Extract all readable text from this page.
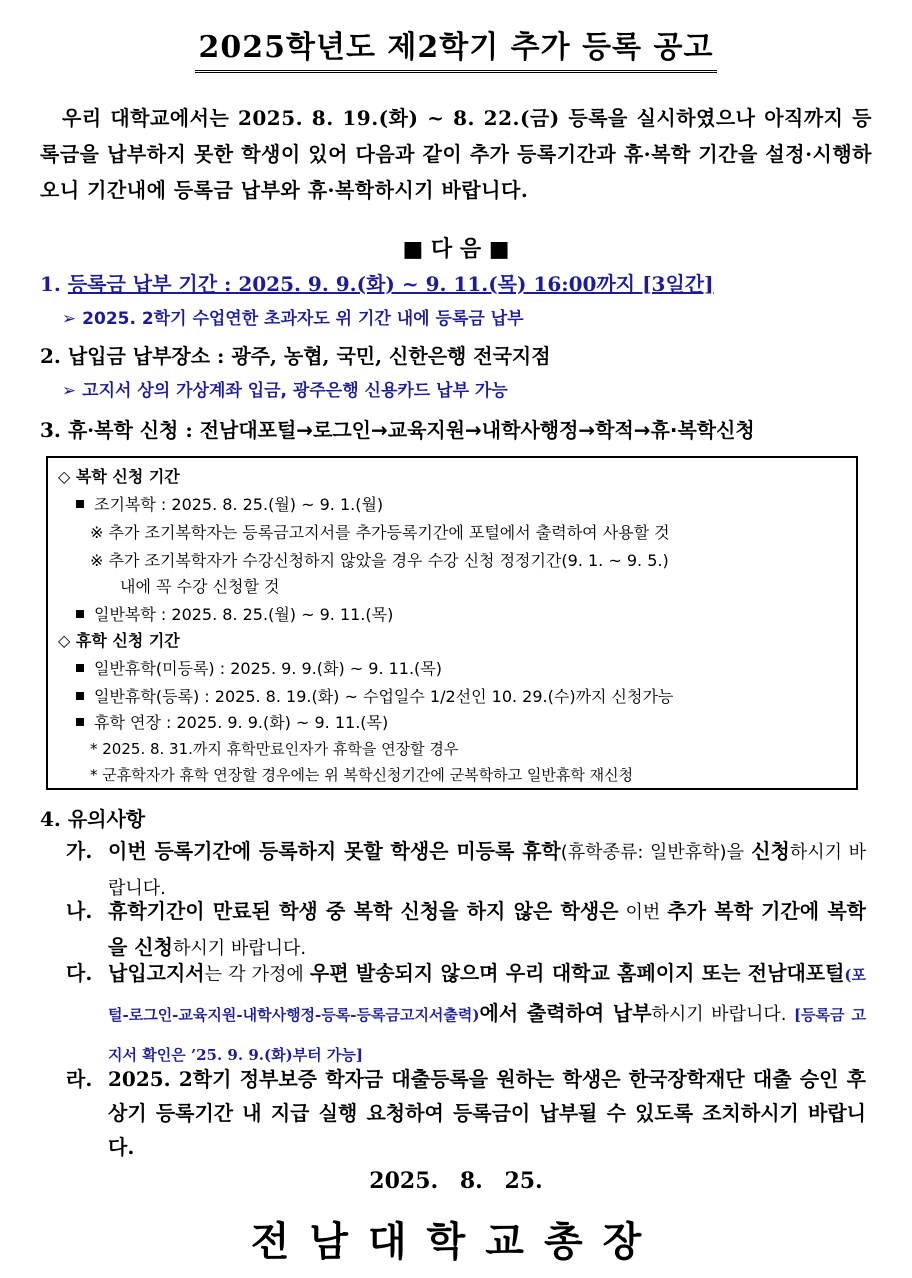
2025학년도 제2학기 추가 등록 공고
우리 대학교에서는 2025. 8. 19.(화) ~ 8. 22.(금) 등록을 실시하였으나 아직까지 등록금을 납부하지 못한 학생이 있어 다음과 같이 추가 등록기간과 휴·복학 기간을 설정·시행하오니 기간내에 등록금 납부와 휴·복학하시기 바랍니다.
■ 다 음 ■
1. 등록금 납부 기간 : 2025. 9. 9.(화) ~ 9. 11.(목) 16:00까지 [3일간]
➢ 2025. 2학기 수업연한 초과자도 위 기간 내에 등록금 납부
2. 납입금 납부장소 : 광주, 농협, 국민, 신한은행 전국지점
➢ 고지서 상의 가상계좌 입금, 광주은행 신용카드 납부 가능
3. 휴·복학 신청 : 전남대포털→로그인→교육지원→내학사행정→학적→휴·복학신청
◇ 복학 신청 기간
조기복학 : 2025. 8. 25.(월) ~ 9. 1.(월)
※ 추가 조기복학자는 등록금고지서를 추가등록기간에 포털에서 출력하여 사용할 것
※ 추가 조기복학자가 수강신청하지 않았을 경우 수강 신청 정정기간(9. 1. ~ 9. 5.)
내에 꼭 수강 신청할 것
일반복학 : 2025. 8. 25.(월) ~ 9. 11.(목)
◇ 휴학 신청 기간
일반휴학(미등록) : 2025. 9. 9.(화) ~ 9. 11.(목)
일반휴학(등록) : 2025. 8. 19.(화) ~ 수업일수 1/2선인 10. 29.(수)까지 신청가능
휴학 연장 : 2025. 9. 9.(화) ~ 9. 11.(목)
* 2025. 8. 31.까지 휴학만료인자가 휴학을 연장할 경우
* 군휴학자가 휴학 연장할 경우에는 위 복학신청기간에 군복학하고 일반휴학 재신청
4. 유의사항
가. 이번 등록기간에 등록하지 못할 학생은 미등록 휴학(휴학종류: 일반휴학)을 신청하시기 바랍니다.
나. 휴학기간이 만료된 학생 중 복학 신청을 하지 않은 학생은 이번 추가 복학 기간에 복학을 신청하시기 바랍니다.
다. 납입고지서는 각 가정에 우편 발송되지 않으며 우리 대학교 홈페이지 또는 전남대포털(포털-로그인-교육지원-내학사행정-등록-등록금고지서출력)에서 출력하여 납부하시기 바랍니다. [등록금 고지서 확인은 ’25. 9. 9.(화)부터 가능]
라. 2025. 2학기 정부보증 학자금 대출등록을 원하는 학생은 한국장학재단 대출 승인 후 상기 등록기간 내 지급 실행 요청하여 등록금이 납부될 수 있도록 조치하시기 바랍니다.
2025. 8. 25.
전남대학교총장
